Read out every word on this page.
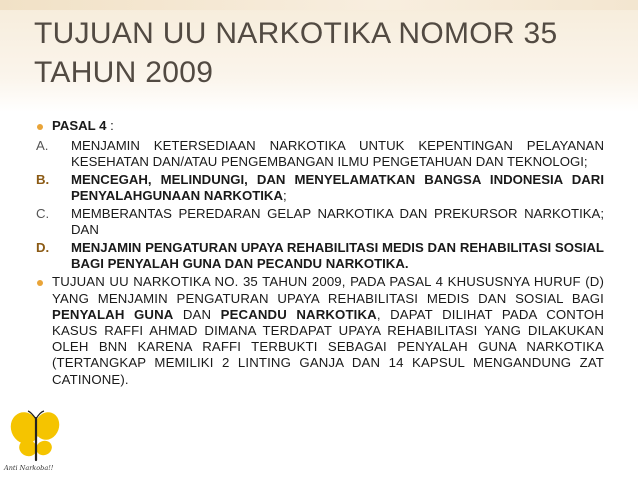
TUJUAN UU NARKOTIKA NOMOR 35 TAHUN 2009
PASAL 4 :
A.	MENJAMIN KETERSEDIAAN NARKOTIKA UNTUK KEPENTINGAN PELAYANAN KESEHATAN DAN/ATAU PENGEMBANGAN ILMU PENGETAHUAN DAN TEKNOLOGI;
B.	MENCEGAH, MELINDUNGI, DAN MENYELAMATKAN BANGSA INDONESIA DARI PENYALAHGUNAAN NARKOTIKA;
C.	MEMBERANTAS PEREDARAN GELAP NARKOTIKA DAN PREKURSOR NARKOTIKA; DAN
D.	MENJAMIN PENGATURAN UPAYA REHABILITASI MEDIS DAN REHABILITASI SOSIAL BAGI PENYALAH GUNA DAN PECANDU NARKOTIKA.
TUJUAN UU NARKOTIKA NO. 35 TAHUN 2009, PADA PASAL 4 KHUSUSNYA HURUF (D) YANG MENJAMIN PENGATURAN UPAYA REHABILITASI MEDIS DAN SOSIAL BAGI PENYALAH GUNA DAN PECANDU NARKOTIKA, DAPAT DILIHAT PADA CONTOH KASUS RAFFI AHMAD DIMANA TERDAPAT UPAYA REHABILITASI YANG DILAKUKAN OLEH BNN KARENA RAFFI TERBUKTI SEBAGAI PENYALAH GUNA NARKOTIKA (TERTANGKAP MEMILIKI 2 LINTING GANJA DAN 14 KAPSUL MENGANDUNG ZAT CATINONE).
Anti Narkoba!!
